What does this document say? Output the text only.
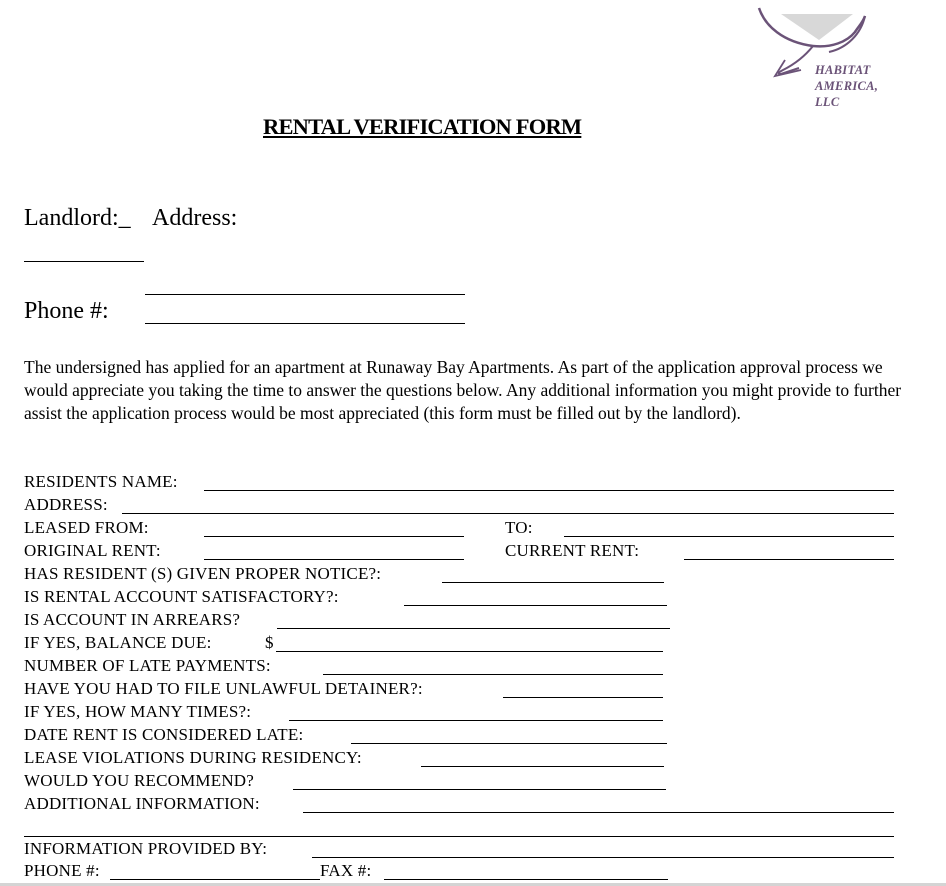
HABITAT
AMERICA,
LLC
RENTAL VERIFICATION FORM
Landlord:_ Address:
Phone #:
The undersigned has applied for an apartment at Runaway Bay Apartments. As part of the application approval process we would appreciate you taking the time to answer the questions below. Any additional information you might provide to further assist the application process would be most appreciated (this form must be filled out by the landlord).
RESIDENTS NAME:
ADDRESS:
LEASED FROM:	TO:
ORIGINAL RENT:	CURRENT RENT:
HAS RESIDENT (S) GIVEN PROPER NOTICE?:
IS RENTAL ACCOUNT SATISFACTORY?:
IS ACCOUNT IN ARREARS?
IF YES, BALANCE DUE:	$
NUMBER OF LATE PAYMENTS:
HAVE YOU HAD TO FILE UNLAWFUL DETAINER?:
IF YES, HOW MANY TIMES?:
DATE RENT IS CONSIDERED LATE:
LEASE VIOLATIONS DURING RESIDENCY:
WOULD YOU RECOMMEND?
ADDITIONAL INFORMATION:
INFORMATION PROVIDED BY:
PHONE #:	FAX #:
